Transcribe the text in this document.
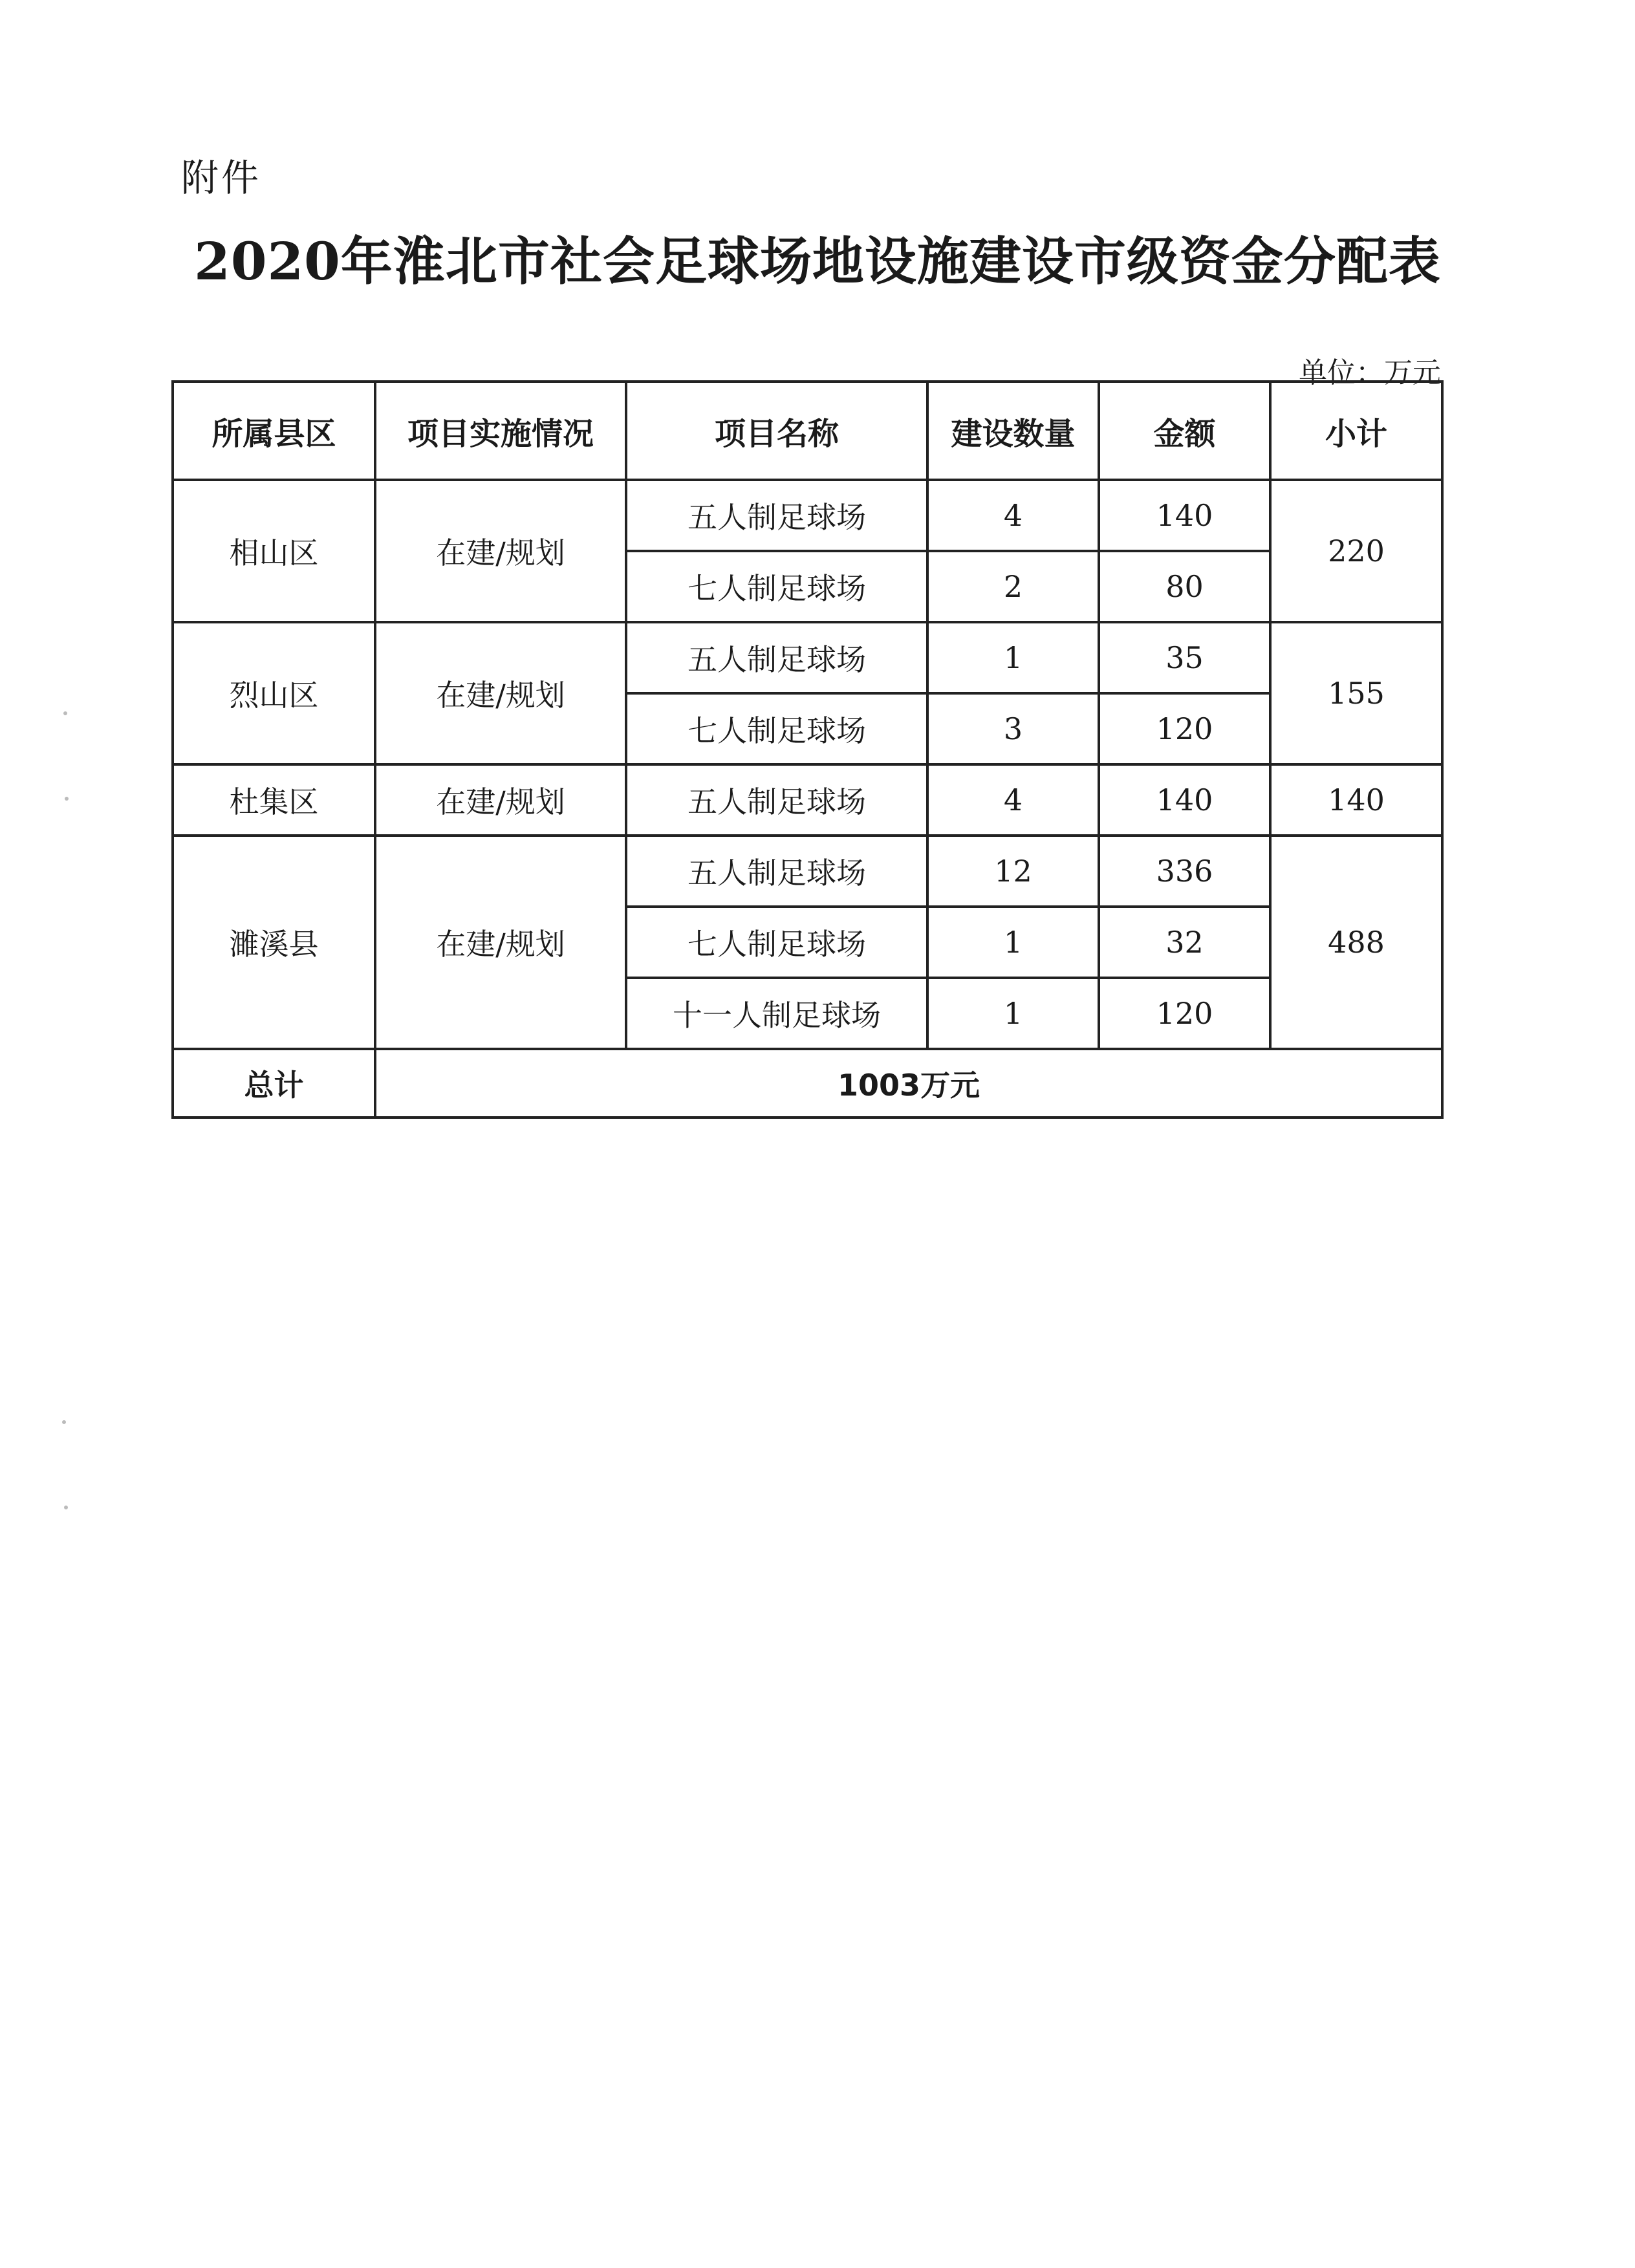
附件
2020年淮北市社会足球场地设施建设市级资金分配表
单位：万元
所属县区	项目实施情况	项目名称	建设数量	金额	小计
相山区	在建/规划	五人制足球场	4	140	220
		七人制足球场	2	80	
烈山区	在建/规划	五人制足球场	1	35	155
		七人制足球场	3	120	
杜集区	在建/规划	五人制足球场	4	140	140
濉溪县	在建/规划	五人制足球场	12	336	488
		七人制足球场	1	32	
		十一人制足球场	1	120	
总计	1003万元				
